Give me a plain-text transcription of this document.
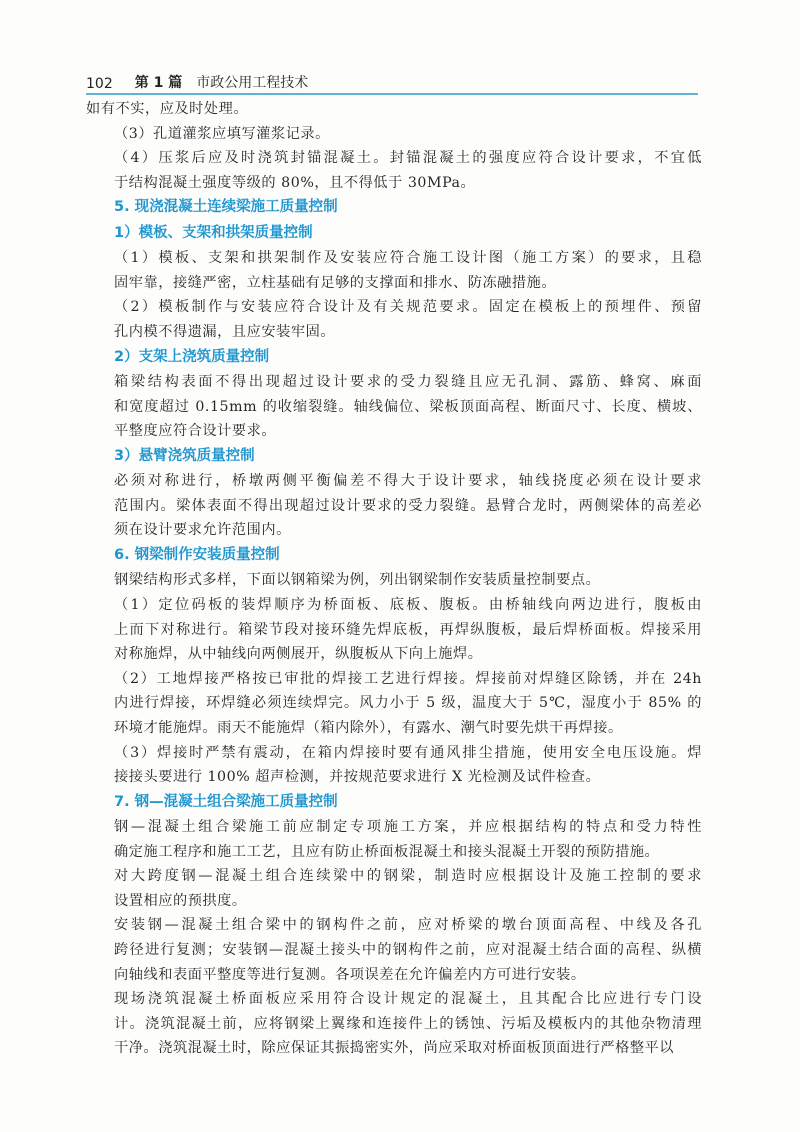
102 第 1 篇 市政公用工程技术

如有不实，应及时处理。

（3）孔道灌浆应填写灌浆记录。

（4）压浆后应及时浇筑封锚混凝土。封锚混凝土的强度应符合设计要求，不宜低
于结构混凝土强度等级的 80%，且不得低于 30MPa。

5. 现浇混凝土连续梁施工质量控制
1）模板、支架和拱架质量控制

（1）模板、支架和拱架制作及安装应符合施工设计图（施工方案）的要求，且稳
固牢靠，接缝严密，立柱基础有足够的支撑面和排水、防冻融措施。

（2）模板制作与安装应符合设计及有关规范要求。固定在模板上的预埋件、预留
孔内模不得遗漏，且应安装牢固。

2）支架上浇筑质量控制

箱梁结构表面不得出现超过设计要求的受力裂缝且应无孔洞、露筋、蜂窝、麻面
和宽度超过 0.15mm 的收缩裂缝。轴线偏位、梁板顶面高程、断面尺寸、长度、横坡、
平整度应符合设计要求。

3）悬臂浇筑质量控制

必须对称进行，桥墩两侧平衡偏差不得大于设计要求，轴线挠度必须在设计要求
范围内。梁体表面不得出现超过设计要求的受力裂缝。悬臂合龙时，两侧梁体的高差必
须在设计要求允许范围内。

6. 钢梁制作安装质量控制

钢梁结构形式多样，下面以钢箱梁为例，列出钢梁制作安装质量控制要点。

（1）定位码板的装焊顺序为桥面板、底板、腹板。由桥轴线向两边进行，腹板由
上而下对称进行。箱梁节段对接环缝先焊底板，再焊纵腹板，最后焊桥面板。焊接采用
对称施焊，从中轴线向两侧展开，纵腹板从下向上施焊。

（2）工地焊接严格按已审批的焊接工艺进行焊接。焊接前对焊缝区除锈，并在 24h
内进行焊接，环焊缝必须连续焊完。风力小于 5 级，温度大于 5℃，湿度小于 85% 的
环境才能施焊。雨天不能施焊（箱内除外），有露水、潮气时要先烘干再焊接。

（3）焊接时严禁有震动，在箱内焊接时要有通风排尘措施，使用安全电压设施。焊
接接头要进行 100% 超声检测，并按规范要求进行 X 光检测及试件检查。

7. 钢—混凝土组合梁施工质量控制

钢—混凝土组合梁施工前应制定专项施工方案，并应根据结构的特点和受力特性
确定施工程序和施工工艺，且应有防止桥面板混凝土和接头混凝土开裂的预防措施。

对大跨度钢—混凝土组合连续梁中的钢梁，制造时应根据设计及施工控制的要求
设置相应的预拱度。

安装钢—混凝土组合梁中的钢构件之前，应对桥梁的墩台顶面高程、中线及各孔
跨径进行复测；安装钢—混凝土接头中的钢构件之前，应对混凝土结合面的高程、纵横
向轴线和表面平整度等进行复测。各项误差在允许偏差内方可进行安装。

现场浇筑混凝土桥面板应采用符合设计规定的混凝土，且其配合比应进行专门设
计。浇筑混凝土前，应将钢梁上翼缘和连接件上的锈蚀、污垢及模板内的其他杂物清理
干净。浇筑混凝土时，除应保证其振捣密实外，尚应采取对桥面板顶面进行严格整平以
